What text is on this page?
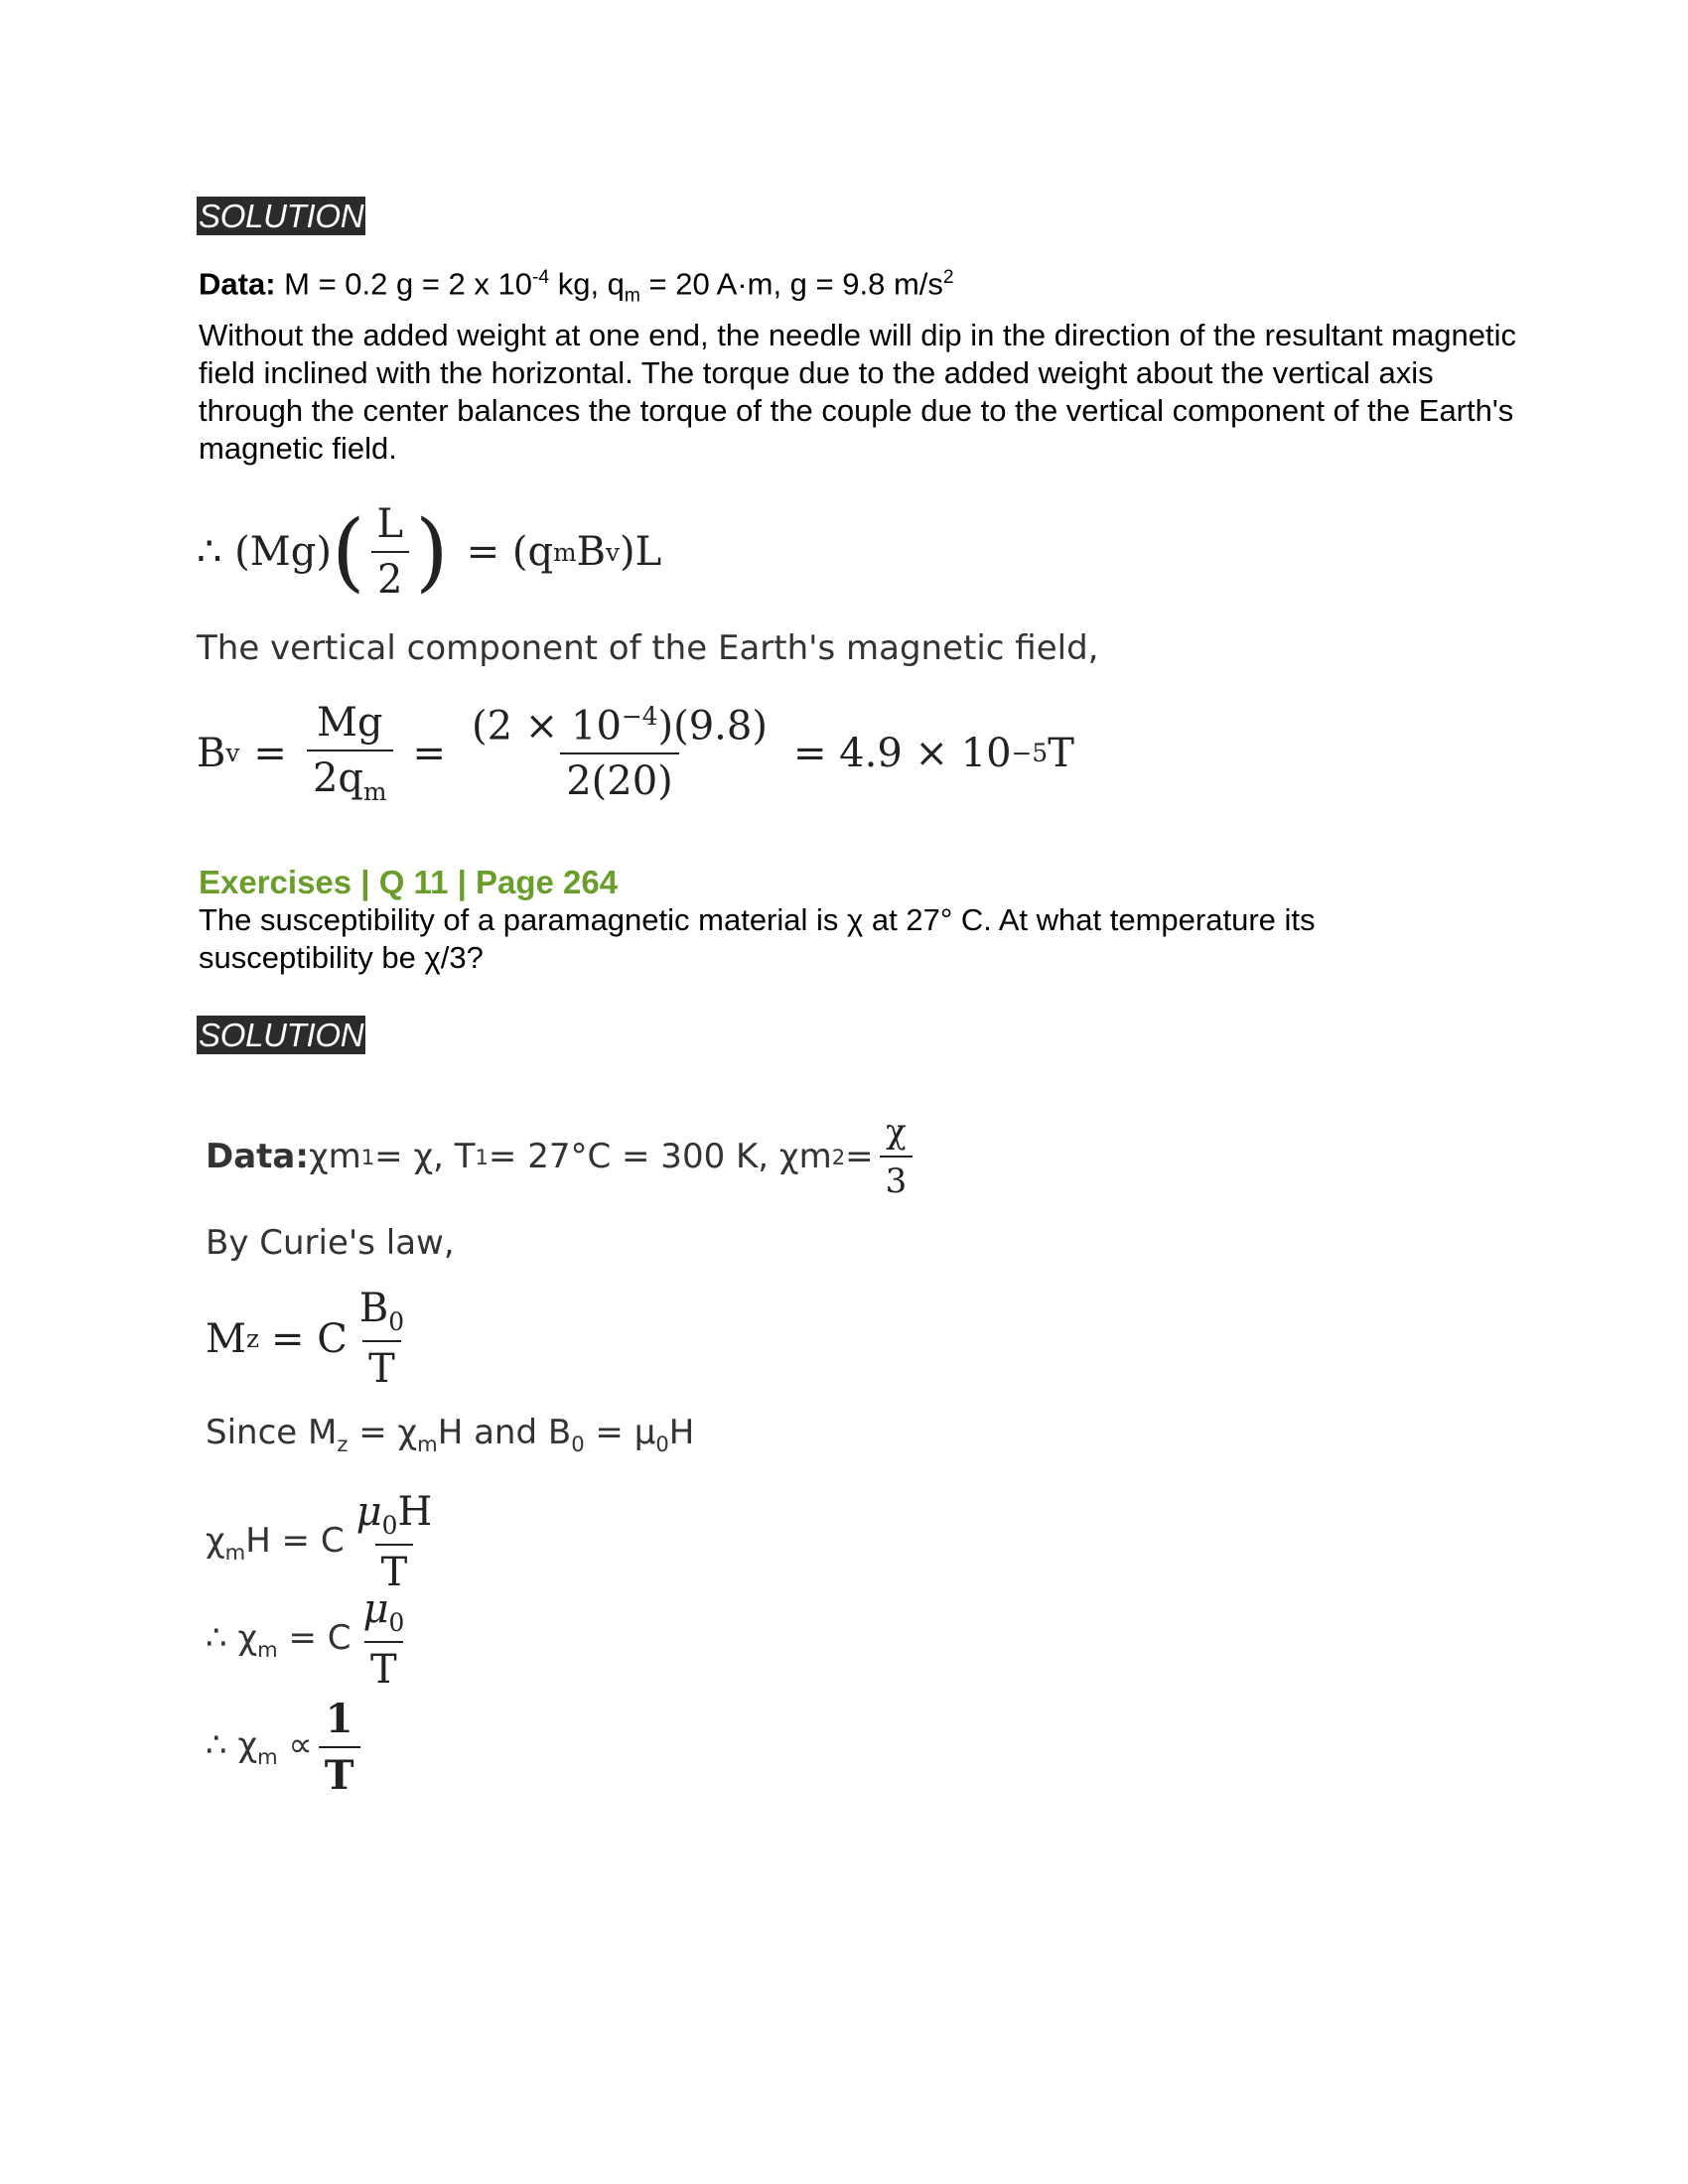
SOLUTION
Data: M = 0.2 g = 2 x $10^{-4}$ kg, $q_m = 20$ A·m, g = 9.8 $m/s^2$
Without the added weight at one end, the needle will dip in the direction of the resultant magnetic field inclined with the horizontal. The torque due to the added weight about the vertical axis through the center balances the torque of the couple due to the vertical component of the Earth's magnetic field.
∴ (Mg) ( $\frac{L}{2}$ ) = (q m B v )L
The vertical component of the Earth's magnetic field,
B $v = \frac{Mg}{2q_m} = \frac{(2 \times 10^{-4})(9.8)}{2(20)} = 4.9 \times 10 -5$ T
Exercises | Q 11 | Page 264
The susceptibility of a paramagnetic material is χ at 27° C. At what temperature its susceptibility be χ/3?
SOLUTION
Data: χm 1 = χ, T 1 = 27°C = 300 K, χm $2 = \frac{\chi}{3}$
By Curie's law,
M z = C $\frac{B_0}{T}$
Since $M_z = \chi_mH$ and $B_0 = \mu_0H$
$\chi_mH = C \frac{\mu_0H}{T}$
∴ $\chi_m = C \frac{\mu_0}{T}$
∴ $\chi_m \propto \frac{1}{T}$
